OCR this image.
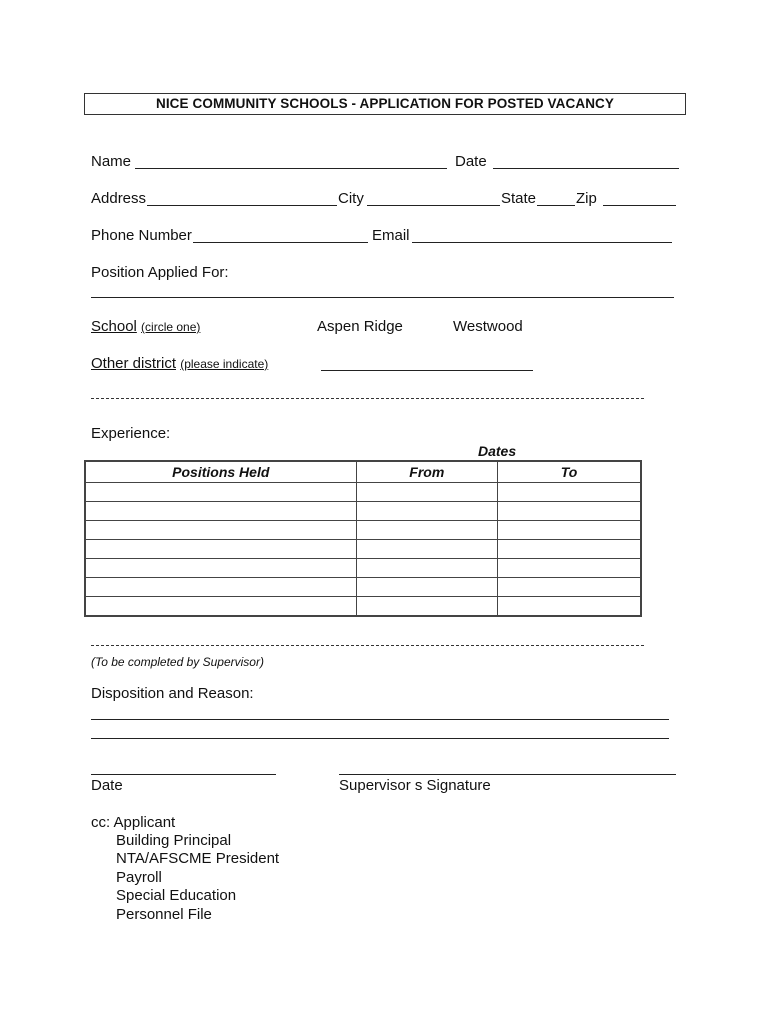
NICE COMMUNITY SCHOOLS - APPLICATION FOR POSTED VACANCY
Name	Date
Address	City	State	Zip
Phone Number	Email
Position Applied For:
School (circle one)	Aspen Ridge	Westwood
Other district (please indicate)
Experience:
Dates
Positions Held	From	To

(To be completed by Supervisor)
Disposition and Reason:
Date	Supervisor s Signature
cc: Applicant
Building Principal
NTA/AFSCME President
Payroll
Special Education
Personnel File
